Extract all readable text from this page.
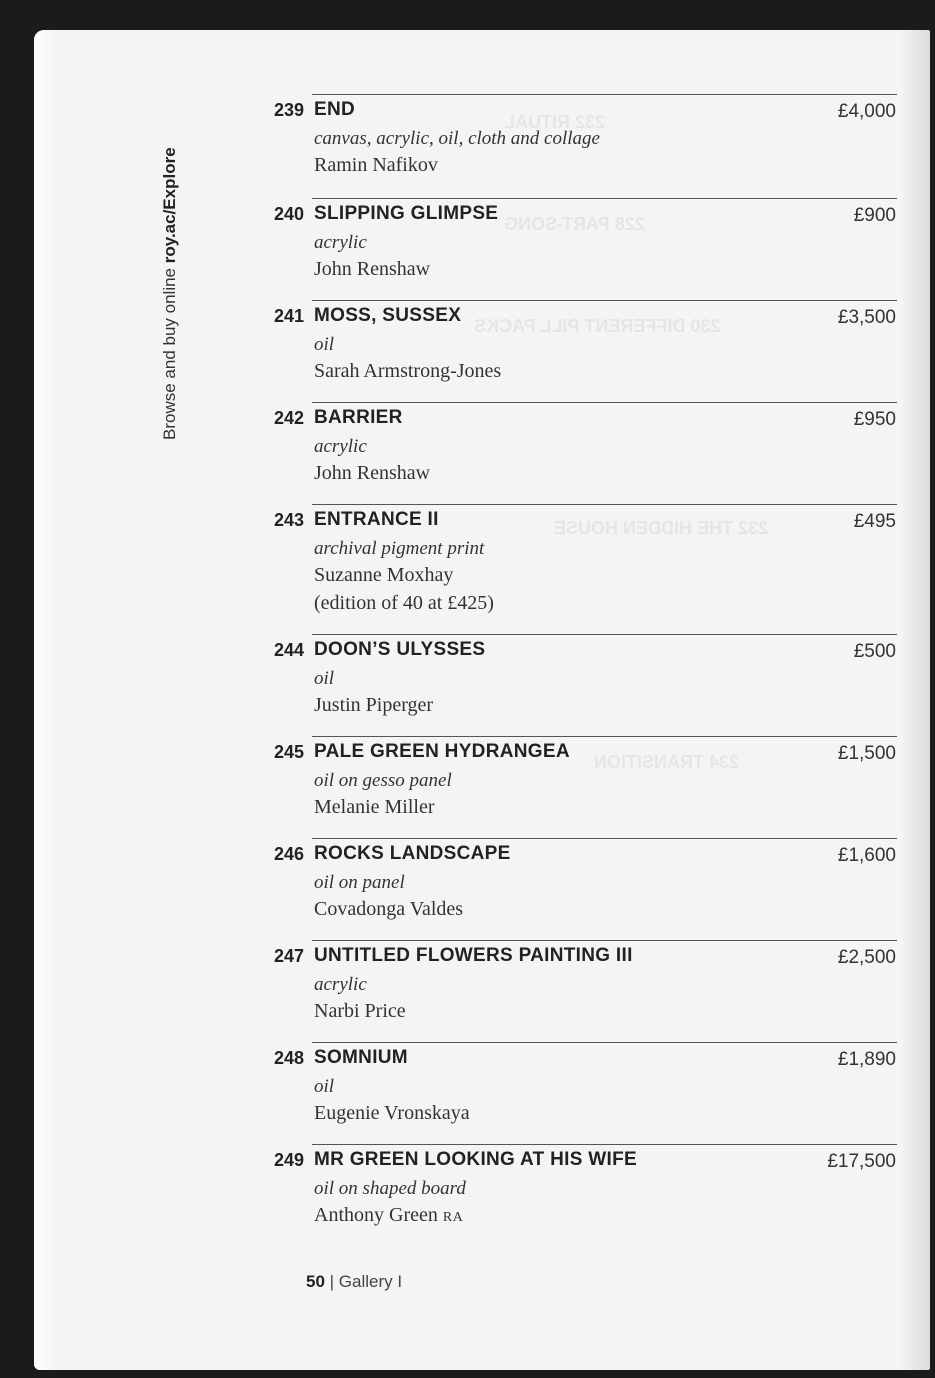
232 RITUAL
228 PART-SONG
230 DIFFERENT PILL PACKS
232 THE HIDDEN HOUSE
234 TRANSITION
Browse and buy online roy.ac/Explore
239 END
canvas, acrylic, oil, cloth and collage
Ramin Nafikov
£4,000
240 SLIPPING GLIMPSE
acrylic
John Renshaw
£900
241 MOSS, SUSSEX
oil
Sarah Armstrong-Jones
£3,500
242 BARRIER
acrylic
John Renshaw
£950
243 ENTRANCE II
archival pigment print
Suzanne Moxhay
(edition of 40 at £425)
£495
244 DOON’S ULYSSES
oil
Justin Piperger
£500
245 PALE GREEN HYDRANGEA
oil on gesso panel
Melanie Miller
£1,500
246 ROCKS LANDSCAPE
oil on panel
Covadonga Valdes
£1,600
247 UNTITLED FLOWERS PAINTING III
acrylic
Narbi Price
£2,500
248 SOMNIUM
oil
Eugenie Vronskaya
£1,890
249 MR GREEN LOOKING AT HIS WIFE
oil on shaped board
Anthony Green RA
£17,500
50 | Gallery I
